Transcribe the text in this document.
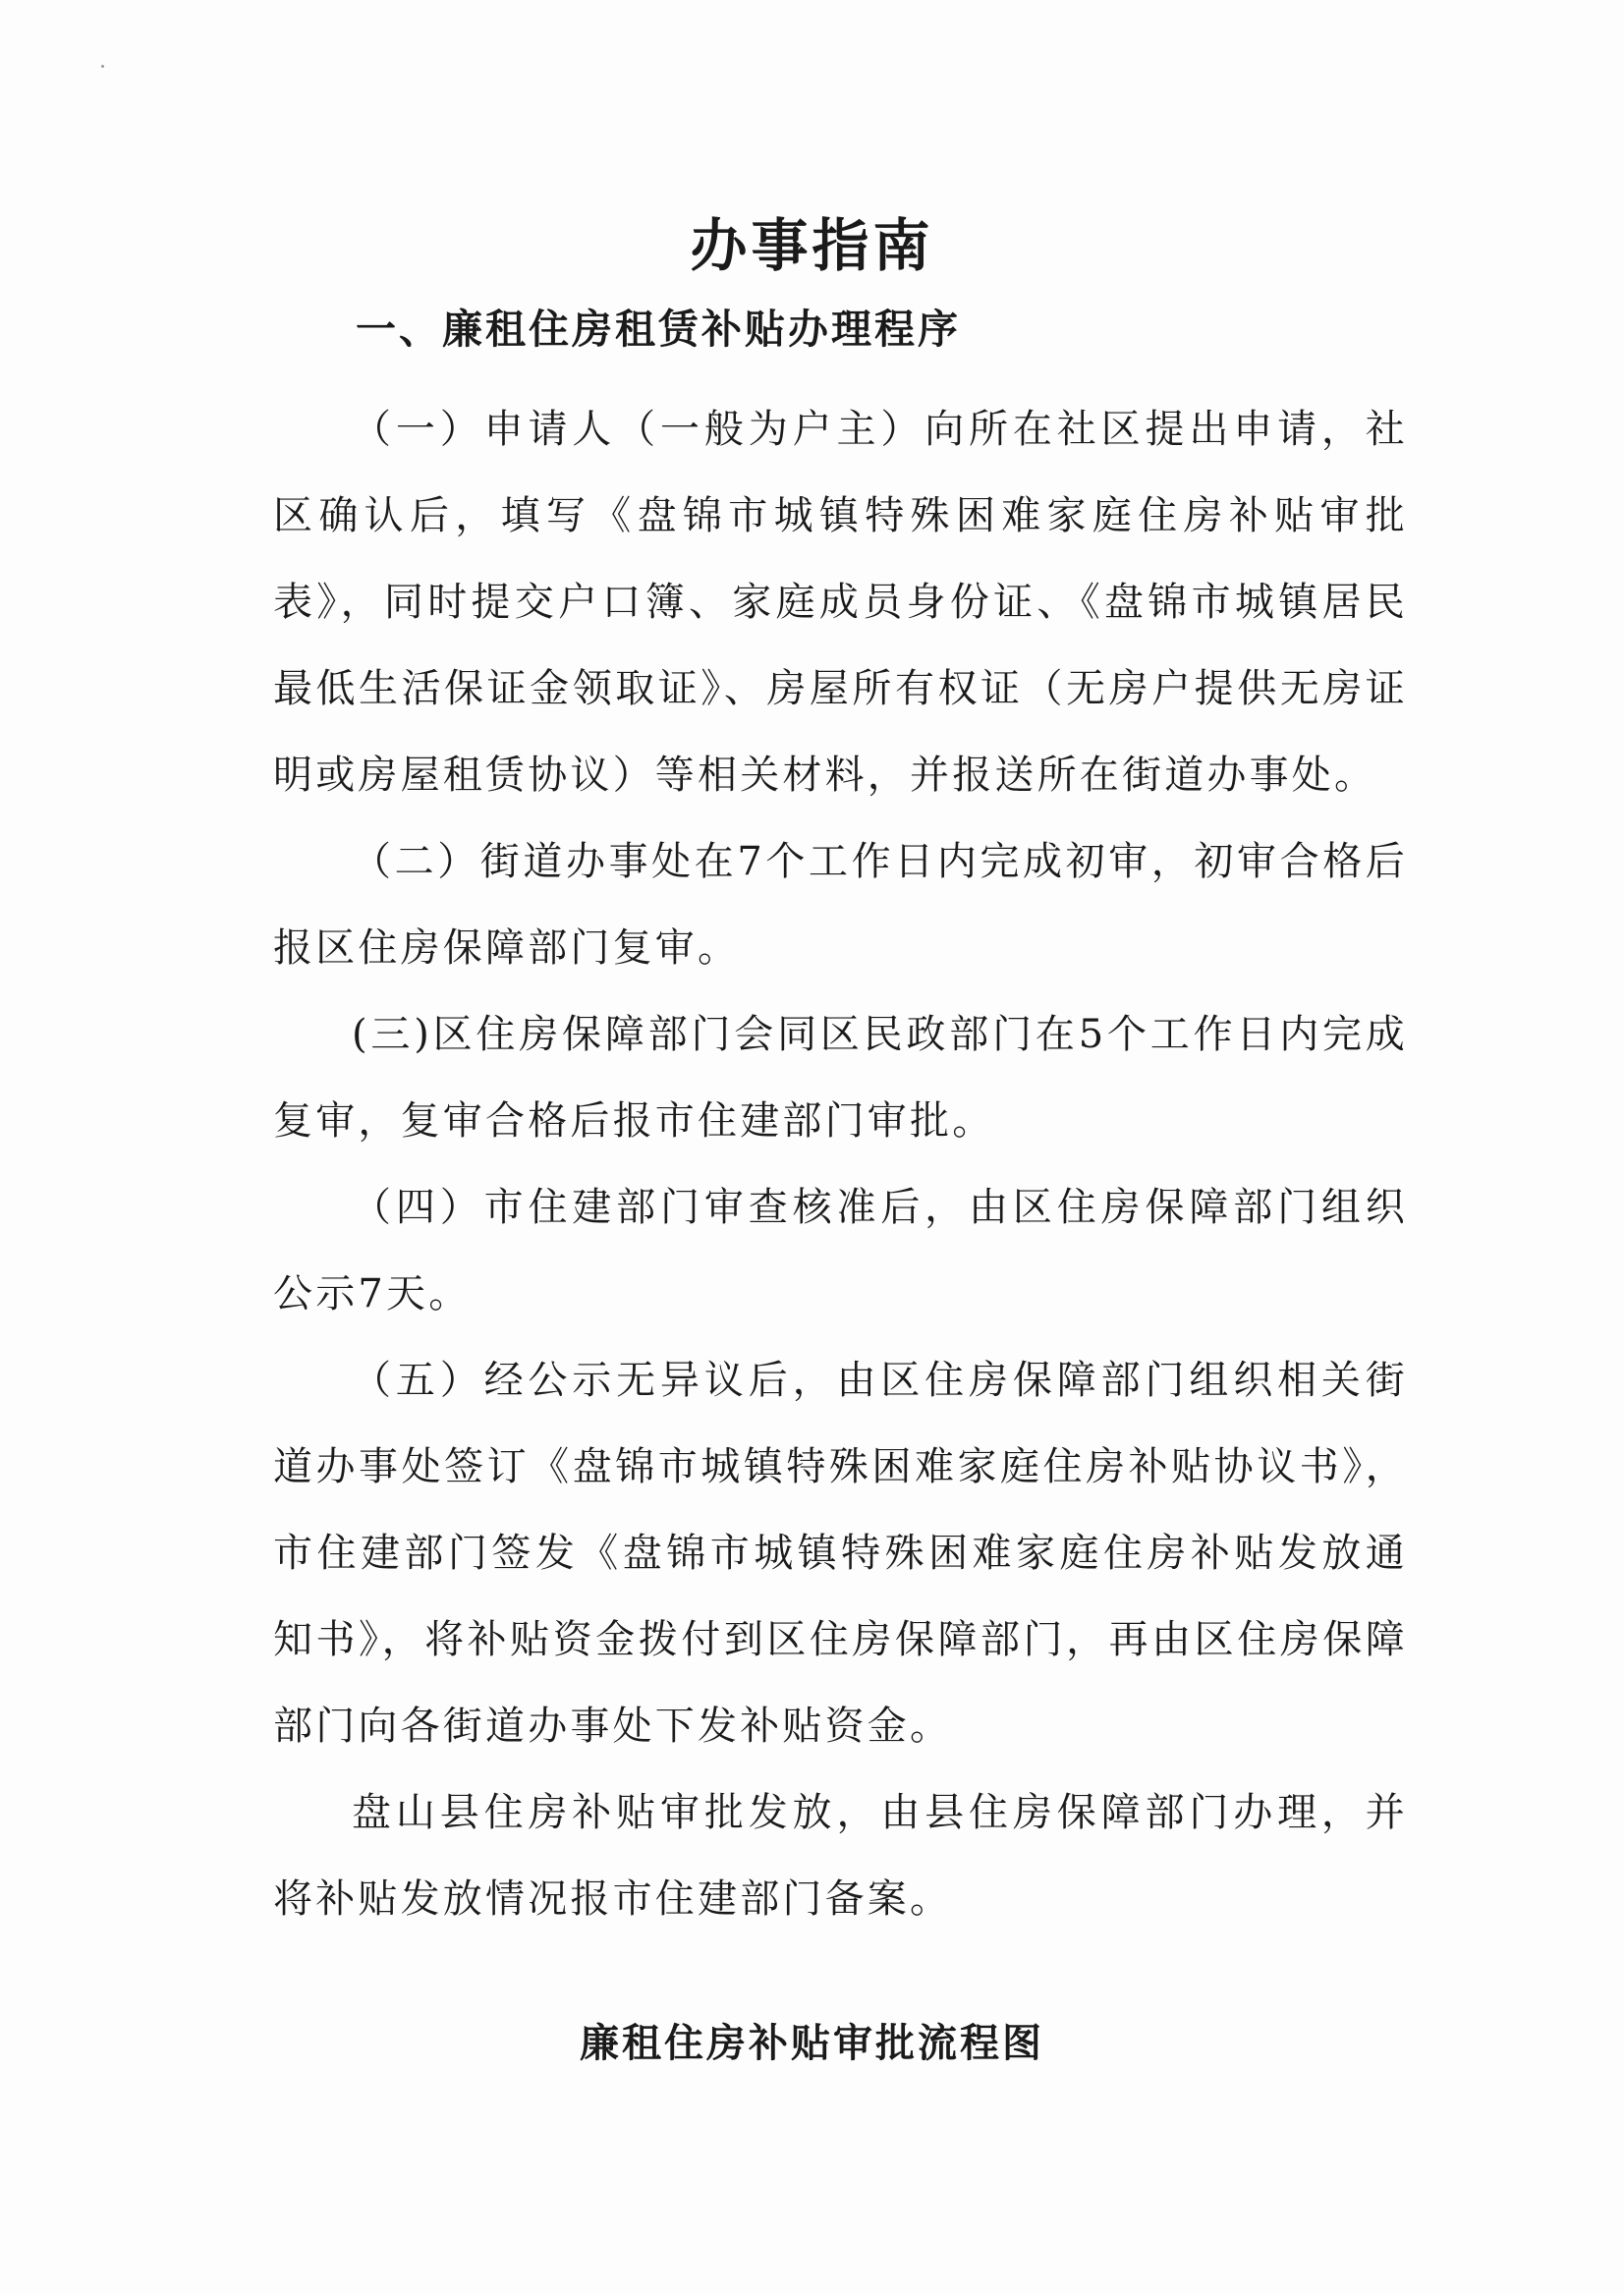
办事指南
一、廉租住房租赁补贴办理程序

（一）申请人（一般为户主）向所在社区提出申请，社区确认后，填写《盘锦市城镇特殊困难家庭住房补贴审批表》，同时提交户口簿、家庭成员身份证、《盘锦市城镇居民最低生活保证金领取证》、房屋所有权证（无房户提供无房证明或房屋租赁协议）等相关材料，并报送所在街道办事处。

（二）街道办事处在7个工作日内完成初审，初审合格后报区住房保障部门复审。

(三)区住房保障部门会同区民政部门在5个工作日内完成复审，复审合格后报市住建部门审批。

（四）市住建部门审查核准后，由区住房保障部门组织公示7天。

（五）经公示无异议后，由区住房保障部门组织相关街道办事处签订《盘锦市城镇特殊困难家庭住房补贴协议书》，市住建部门签发《盘锦市城镇特殊困难家庭住房补贴发放通知书》，将补贴资金拨付到区住房保障部门，再由区住房保障部门向各街道办事处下发补贴资金。

盘山县住房补贴审批发放，由县住房保障部门办理，并将补贴发放情况报市住建部门备案。

廉租住房补贴审批流程图
